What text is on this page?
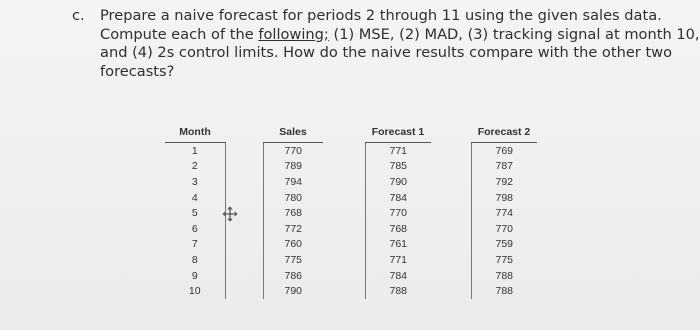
c.	Prepare a naive forecast for periods 2 through 11 using the given sales data.
Compute each of the following; (1) MSE, (2) MAD, (3) tracking signal at month 10,
and (4) 2s control limits. How do the naive results compare with the other two
forecasts?
Month		Sales		Forecast 1		Forecast 2
1		770		771		769
2		789		785		787
3		794		790		792
4		780		784		798
5		768		770		774
6		772		768		770
7		760		761		759
8		775		771		775
9		786		784		788
10		790		788		788
